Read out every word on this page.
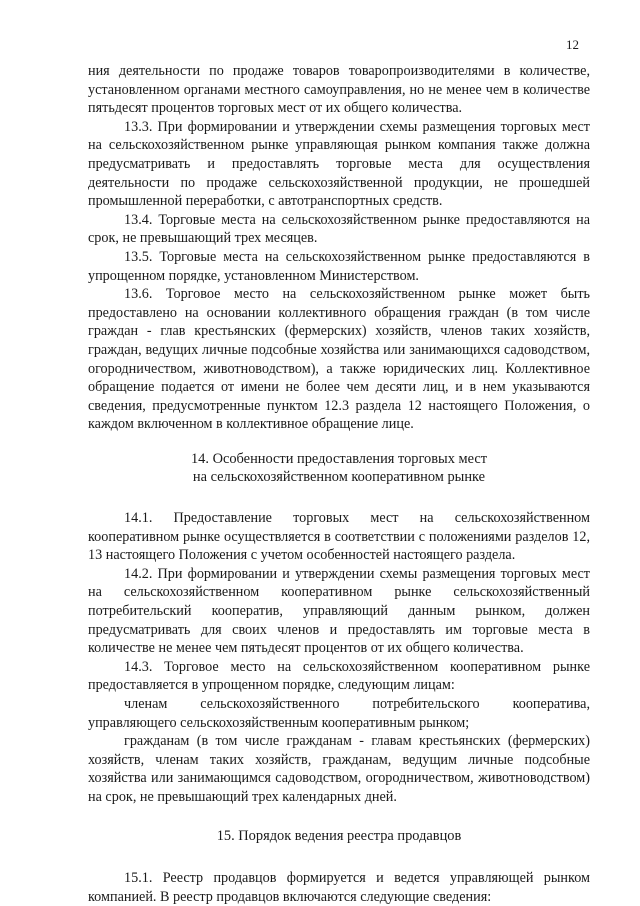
12

ния деятельности по продаже товаров товаропроизводителями в количестве, установленном органами местного самоуправления, но не менее чем в количестве пятьдесят процентов торговых мест от их общего количества.

13.3. При формировании и утверждении схемы размещения торговых мест на сельскохозяйственном рынке управляющая рынком компания также должна предусматривать и предоставлять торговые места для осуществления деятельности по продаже сельскохозяйственной продукции, не прошедшей промышленной переработки, с автотранспортных средств.

13.4. Торговые места на сельскохозяйственном рынке предоставляются на срок, не превышающий трех месяцев.

13.5. Торговые места на сельскохозяйственном рынке предоставляются в упрощенном порядке, установленном Министерством.

13.6. Торговое место на сельскохозяйственном рынке может быть предоставлено на основании коллективного обращения граждан (в том числе граждан - глав крестьянских (фермерских) хозяйств, членов таких хозяйств, граждан, ведущих личные подсобные хозяйства или занимающихся садоводством, огородничеством, животноводством), а также юридических лиц. Коллективное обращение подается от имени не более чем десяти лиц, и в нем указываются сведения, предусмотренные пунктом 12.3 раздела 12 настоящего Положения, о каждом включенном в коллективное обращение лице.

14. Особенности предоставления торговых мест
на сельскохозяйственном кооперативном рынке

14.1. Предоставление торговых мест на сельскохозяйственном кооперативном рынке осуществляется в соответствии с положениями разделов 12, 13 настоящего Положения с учетом особенностей настоящего раздела.

14.2. При формировании и утверждении схемы размещения торговых мест на сельскохозяйственном кооперативном рынке сельскохозяйственный потребительский кооператив, управляющий данным рынком, должен предусматривать для своих членов и предоставлять им торговые места в количестве не менее чем пятьдесят процентов от их общего количества.

14.3. Торговое место на сельскохозяйственном кооперативном рынке предоставляется в упрощенном порядке, следующим лицам:

членам сельскохозяйственного потребительского кооператива, управляющего сельскохозяйственным кооперативным рынком;

гражданам (в том числе гражданам - главам крестьянских (фермерских) хозяйств, членам таких хозяйств, гражданам, ведущим личные подсобные хозяйства или занимающимся садоводством, огородничеством, животноводством) на срок, не превышающий трех календарных дней.

15. Порядок ведения реестра продавцов

15.1. Реестр продавцов формируется и ведется управляющей рынком компанией. В реестр продавцов включаются следующие сведения:
